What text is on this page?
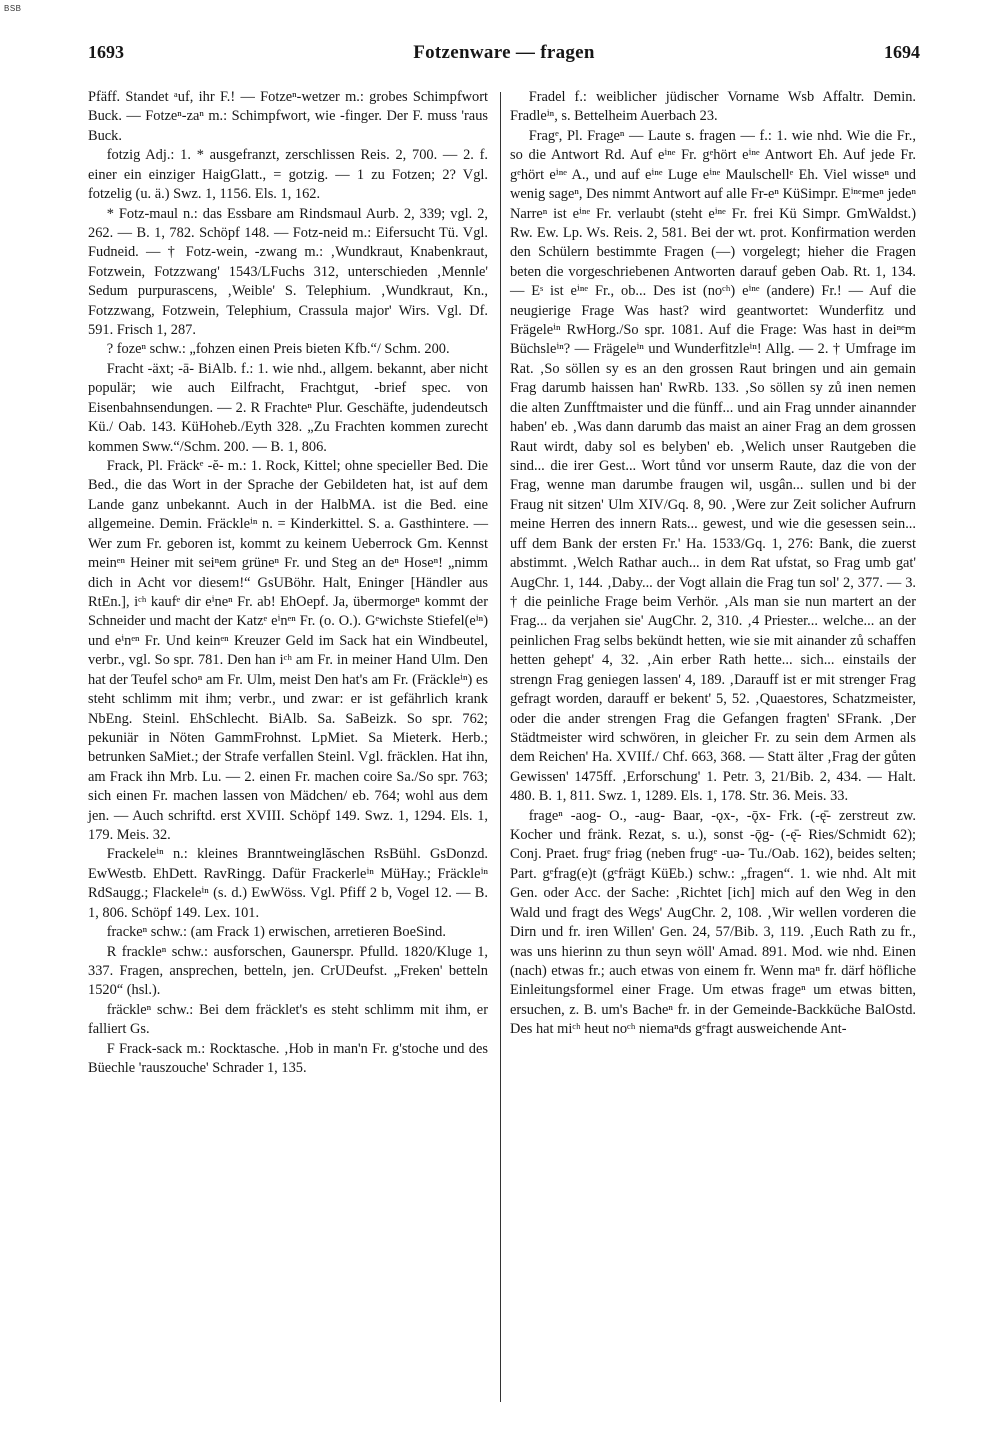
BSB
1693	Fotzenware — fragen	1694

Pfäff. Standet ᵃuf, ihr F.! — Fotzeⁿ-wetzer m.: grobes Schimpfwort Buck. — Fotzeⁿ-zaⁿ m.: Schimpfwort, wie -finger. Der F. muss 'raus Buck.

fotzig Adj.: 1. * ausgefranzt, zerschlissen Reis. 2, 700. — 2. f. einer ein einziger HaigGlatt., = gotzig. — 1 zu Fotzen; 2? Vgl. fotzelig (u. ä.) Swz. 1, 1156. Els. 1, 162.

* Fotz-maul n.: das Essbare am Rindsmaul Aurb. 2, 339; vgl. 2, 262. — B. 1, 782. Schöpf 148. — Fotz-neid m.: Eifersucht Tü. Vgl. Fudneid. — † Fotz-wein, -zwang m.: ‚Wundkraut, Knabenkraut, Fotzwein, Fotzzwang' 1543/LFuchs 312, unterschieden ‚Mennle' Sedum purpurascens, ‚Weible' S. Telephium. ‚Wundkraut, Kn., Fotzzwang, Fotzwein, Telephium, Crassula major' Wirs. Vgl. Df. 591. Frisch 1, 287.

? fozeⁿ schw.: „fohzen einen Preis bieten Kfb.“/ Schm. 200.

Fracht -äxt; -ā- BiAlb. f.: 1. wie nhd., allgem. bekannt, aber nicht populär; wie auch Eilfracht, Frachtgut, -brief spec. von Eisenbahnsendungen. — 2. R Frachteⁿ Plur. Geschäfte, judendeutsch Kü./ Oab. 143. KüHoheb./Eyth 328. „Zu Frachten kommen zurecht kommen Sww.“/Schm. 200. — B. 1, 806.

Frack, Pl. Fräckᵉ -ĕ- m.: 1. Rock, Kittel; ohne specieller Bed. Die Bed., die das Wort in der Sprache der Gebildeten hat, ist auf dem Lande ganz unbekannt. Auch in der HalbMA. ist die Bed. eine allgemeine. Demin. Fräckleⁱⁿ n. = Kinderkittel. S. a. Gasthintere. — Wer zum Fr. geboren ist, kommt zu keinem Ueberrock Gm. Kennst meinᵉⁿ Heiner mit seiⁿem grüneⁿ Fr. und Steg an deⁿ Hoseⁿ! „nimm dich in Acht vor diesem!“ GsUBöhr. Halt, Eninger [Händler aus RtEn.], iᶜʰ kaufᵉ dir eⁱneⁿ Fr. ab! EhOepf. Ja, übermorgeⁿ kommt der Schneider und macht der Katzᵉ eⁱnᵉⁿ Fr. (o. O.). Gᵉwichste Stiefel(eⁱⁿ) und eⁱnᵉⁿ Fr. Und keinᵉⁿ Kreuzer Geld im Sack hat ein Windbeutel, verbr., vgl. So spr. 781. Den han iᶜʰ am Fr. in meiner Hand Ulm. Den hat der Teufel schoⁿ am Fr. Ulm, meist Den hat's am Fr. (Fräckleⁱⁿ) es steht schlimm mit ihm; verbr., und zwar: er ist gefährlich krank NbEng. Steinl. EhSchlecht. BiAlb. Sa. SaBeizk. So spr. 762; pekuniär in Nöten GammFrohnst. LpMiet. Sa Mieterk. Herb.; betrunken SaMiet.; der Strafe verfallen Steinl. Vgl. fräcklen. Hat ihn, am Frack ihn Mrb. Lu. — 2. einen Fr. machen coire Sa./So spr. 763; sich einen Fr. machen lassen von Mädchen/ eb. 764; wohl aus dem jen. — Auch schriftd. erst XVIII. Schöpf 149. Swz. 1, 1294. Els. 1, 179. Meis. 32.

Frackeleⁱⁿ n.: kleines Branntweinglăschen RsBühl. GsDonzd. EwWestb. EhDett. RavRingg. Dafür Frackerleⁱⁿ MüHay.; Fräckleⁱⁿ RdSaugg.; Flackeleⁱⁿ (s. d.) EwWöss. Vgl. Pfiff 2 b, Vogel 12. — B. 1, 806. Schöpf 149. Lex. 101.

frackeⁿ schw.: (am Frack 1) erwischen, arretieren BoeSind.

R frackleⁿ schw.: ausforschen, Gaunerspr. Pfulld. 1820/Kluge 1, 337. Fragen, ansprechen, betteln, jen. CrUDeufst. „Freken' betteln 1520“ (hsl.).

fräckleⁿ schw.: Bei dem fräcklet's es steht schlimm mit ihm, er falliert Gs.

F Frack-sack m.: Rocktasche. ‚Hob in man'n Fr. g'stoche und des Büechle 'rauszouche' Schrader 1, 135.

Fradel f.: weiblicher jüdischer Vorname Wsb Affaltr. Demin. Fradleⁱⁿ, s. Bettelheim Auerbach 23.

Fragᵉ, Pl. Frageⁿ — Laute s. fragen — f.: 1. wie nhd. Wie die Fr., so die Antwort Rd. Auf eⁱⁿᵉ Fr. gᵉhört eⁱⁿᵉ Antwort Eh. Auf jede Fr. gᵉhört eⁱⁿᵉ A., und auf eⁱⁿᵉ Luge eⁱⁿᵉ Maulschellᵉ Eh. Viel wisseⁿ und wenig sageⁿ, Des nimmt Antwort auf alle Fr-eⁿ KüSimpr. Eⁱⁿᵉmeⁿ jedeⁿ Narreⁿ ist eⁱⁿᵉ Fr. verlaubt (steht eⁱⁿᵉ Fr. frei Kü Simpr. GmWaldst.) Rw. Ew. Lp. Ws. Reis. 2, 581. Bei der wt. prot. Konfirmation werden den Schülern bestimmte Fragen (—) vorgelegt; hieher die Fragen beten die vorgeschriebenen Antworten darauf geben Oab. Rt. 1, 134. — Eˢ ist eⁱⁿᵉ Fr., ob... Des ist (noᶜʰ) eⁱⁿᵉ (andere) Fr.! — Auf die neugierige Frage Was hast? wird geantwortet: Wunderfitz und Frägeleⁱⁿ RwHorg./So spr. 1081. Auf die Frage: Was hast in deiⁿᵉm Büchsleⁱⁿ? — Frägeleⁱⁿ und Wunderfitzleⁱⁿ! Allg. — 2. † Umfrage im Rat. ‚So söllen sy es an den grossen Raut bringen und ain gemain Frag darumb haissen han' RwRb. 133. ‚So söllen sy zů inen nemen die alten Zunfftmaister und die fünff... und ain Frag unnder ainannder haben' eb. ‚Was dann darumb das maist an ainer Frag an dem grossen Raut wirdt, daby sol es belyben' eb. ‚Welich unser Rautgeben die sind... die irer Gest... Wort tůnd vor unserm Raute, daz die von der Frag, wenne man darumbe fraugen wil, usgân... sullen und bi der Fraug nit sitzen' Ulm XIV/Gq. 8, 90. ‚Were zur Zeit solicher Aufrurn meine Herren des innern Rats... gewest, und wie die gesessen sein... uff dem Bank der ersten Fr.' Ha. 1533/Gq. 1, 276: Bank, die zuerst abstimmt. ‚Welch Rathar auch... in dem Rat ufstat, so Frag umb gat' AugChr. 1, 144. ‚Daby... der Vogt allain die Frag tun sol' 2, 377. — 3. † die peinliche Frage beim Verhör. ‚Als man sie nun martert an der Frag... da verjahen sie' AugChr. 2, 310. ‚4 Priester... welche... an der peinlichen Frag selbs bekündt hetten, wie sie mit ainander zů schaffen hetten gehept' 4, 32. ‚Ain erber Rath hette... sich... einstails der strengn Frag geniegen lassen' 4, 189. ‚Darauff ist er mit strenger Frag gefragt worden, darauff er bekent' 5, 52. ‚Quaestores, Schatzmeister, oder die ander strengen Frag die Gefangen fragten' SFrank. ‚Der Städtmeister wird schwören, in gleicher Fr. zu sein dem Armen als dem Reichen' Ha. XVIIf./ Chf. 663, 368. — Statt älter ‚Frag der gůten Gewissen' 1475ff. ‚Erforschung' 1. Petr. 3, 21/Bib. 2, 434. — Halt. 480. B. 1, 811. Swz. 1, 1289. Els. 1, 178. Str. 36. Meis. 33.

frageⁿ -aog- O., -aug- Baar, -ǫx-, -ǭx- Frk. (-ę̄- zerstreut zw. Kocher und fränk. Rezat, s. u.), sonst -ǭg- (-ę̄- Ries/Schmidt 62); Conj. Praet. frugᵉ friǝg (neben frugᵉ -uǝ- Tu./Oab. 162), beides selten; Part. gᵉfrag(e)t (gᵉfrägt KüEb.) schw.: „fragen“. 1. wie nhd. Alt mit Gen. oder Acc. der Sache: ‚Richtet [ich] mich auf den Weg in den Wald und fragt des Wegs' AugChr. 2, 108. ‚Wir wellen vorderen die Dirn und fr. iren Willen' Gen. 24, 57/Bib. 3, 119. ‚Euch Rath zu fr., was uns hierinn zu thun seyn wöll' Amad. 891. Mod. wie nhd. Einen (nach) etwas fr.; auch etwas von einem fr. Wenn maⁿ fr. därf höfliche Einleitungsformel einer Frage. Um etwas frageⁿ um etwas bitten, ersuchen, z. B. um's Bacheⁿ fr. in der Gemeinde-Backküche BalOstd. Des hat miᶜʰ heut noᶜʰ niemaⁿds gᵉfragt ausweichende Ant-
